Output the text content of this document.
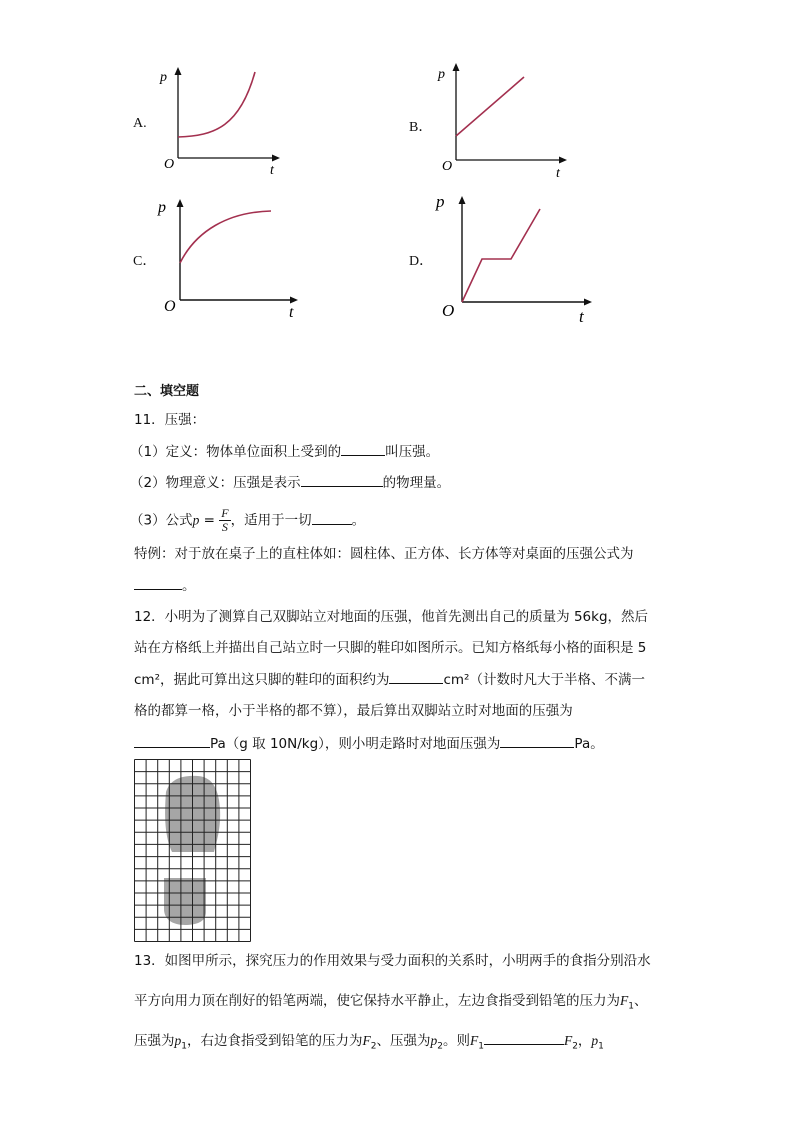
A.
p
O	t
B．
p
O	t
C．
p
O	t
D．
p
O	t
二、填空题
11．压强：
（1）定义：物体单位面积上受到的	叫压强。
（2）物理意义：压强是表示	的物理量。
（3）公式$p = \frac{F}{S}$ ，适用于一切	。
特例：对于放在桌子上的直柱体如：圆柱体、正方体、长方体等对桌面的压强公式为
。
12．小明为了测算自己双脚站立对地面的压强，他首先测出自己的质量为 56kg，然后
站在方格纸上并描出自己站立时一只脚的鞋印如图所示。已知方格纸每小格的面积是 5
cm²，据此可算出这只脚的鞋印的面积约为	cm²（计数时凡大于半格、不满一
格的都算一格，小于半格的都不算），最后算出双脚站立时对地面的压强为
Pa（g 取 10N/kg），则小明走路时对地面压强为	Pa。
13．如图甲所示，探究压力的作用效果与受力面积的关系时，小明两手的食指分别沿水
平方向用力顶在削好的铅笔两端，使它保持水平静止，左边食指受到铅笔的压力为$F_1$、
压强为$p_1$，右边食指受到铅笔的压力为$F_2$、压强为$p_2$。则$F_1$	$F_2$，$p_1$
